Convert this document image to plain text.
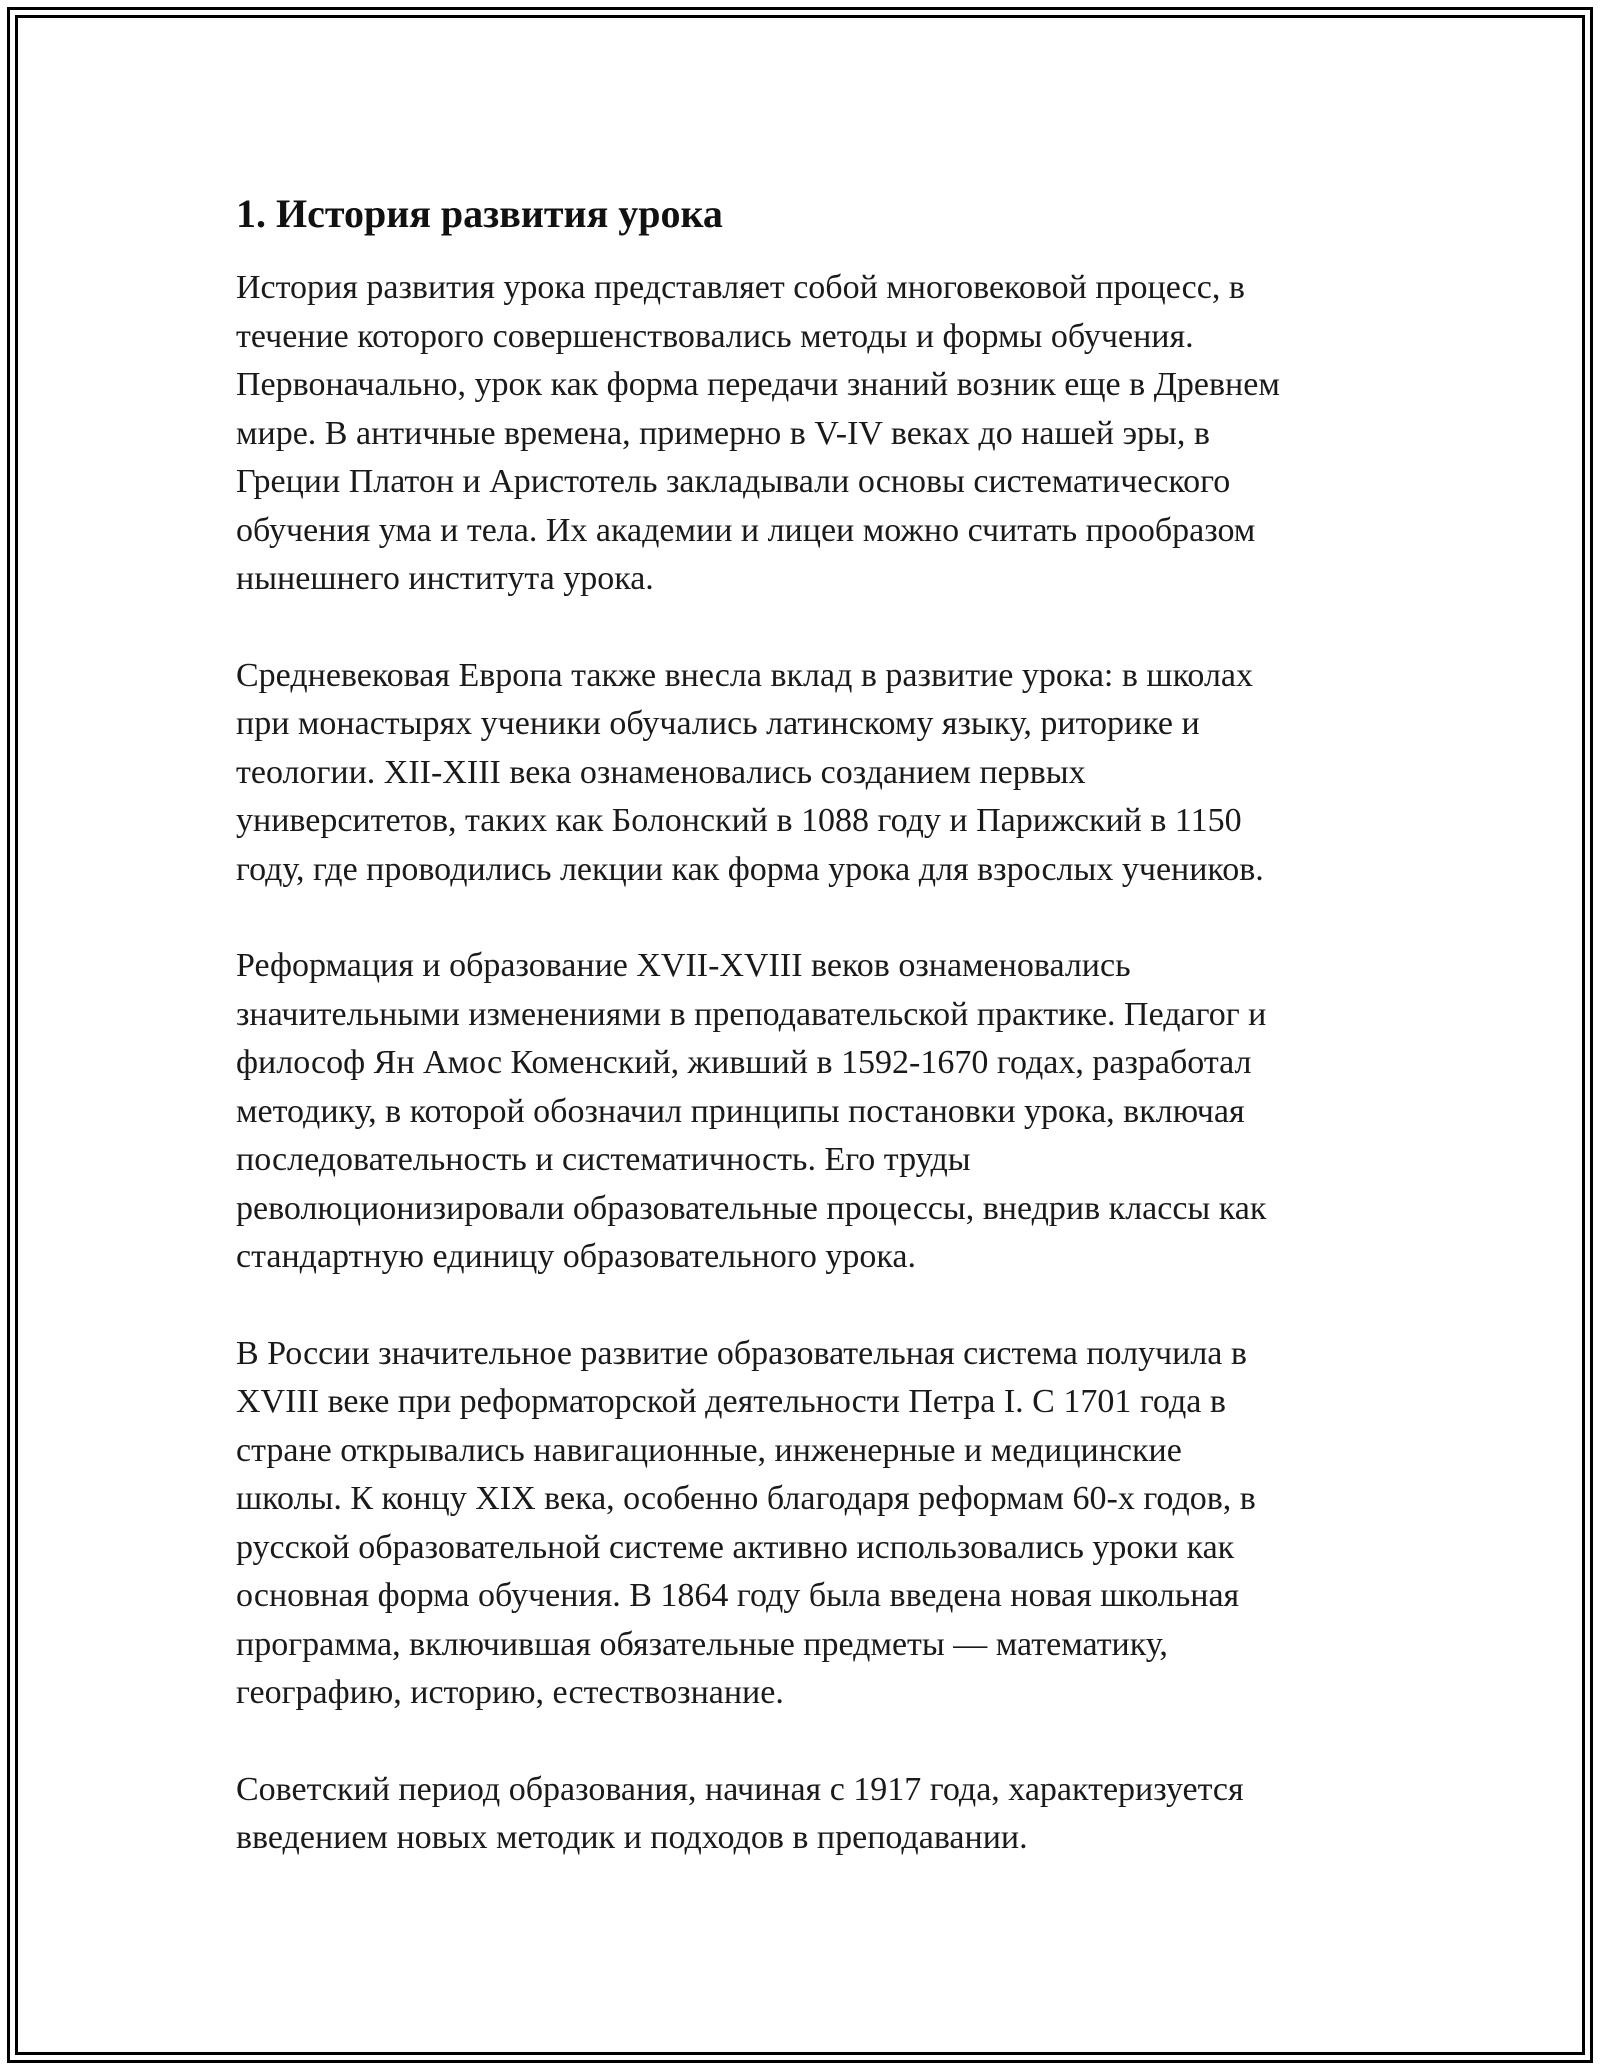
1. История развития урока

История развития урока представляет собой многовековой процесс, в
течение которого совершенствовались методы и формы обучения.
Первоначально, урок как форма передачи знаний возник еще в Древнем
мире. В античные времена, примерно в V-IV веках до нашей эры, в
Греции Платон и Аристотель закладывали основы систематического
обучения ума и тела. Их академии и лицеи можно считать прообразом
нынешнего института урока.

Средневековая Европа также внесла вклад в развитие урока: в школах
при монастырях ученики обучались латинскому языку, риторике и
теологии. XII-XIII века ознаменовались созданием первых
университетов, таких как Болонский в 1088 году и Парижский в 1150
году, где проводились лекции как форма урока для взрослых учеников.

Реформация и образование XVII-XVIII веков ознаменовались
значительными изменениями в преподавательской практике. Педагог и
философ Ян Амос Коменский, живший в 1592-1670 годах, разработал
методику, в которой обозначил принципы постановки урока, включая
последовательность и систематичность. Его труды
революционизировали образовательные процессы, внедрив классы как
стандартную единицу образовательного урока.

В России значительное развитие образовательная система получила в
XVIII веке при реформаторской деятельности Петра I. С 1701 года в
стране открывались навигационные, инженерные и медицинские
школы. К концу XIX века, особенно благодаря реформам 60-х годов, в
русской образовательной системе активно использовались уроки как
основная форма обучения. В 1864 году была введена новая школьная
программа, включившая обязательные предметы — математику,
географию, историю, естествознание.

Советский период образования, начиная с 1917 года, характеризуется
введением новых методик и подходов в преподавании.
